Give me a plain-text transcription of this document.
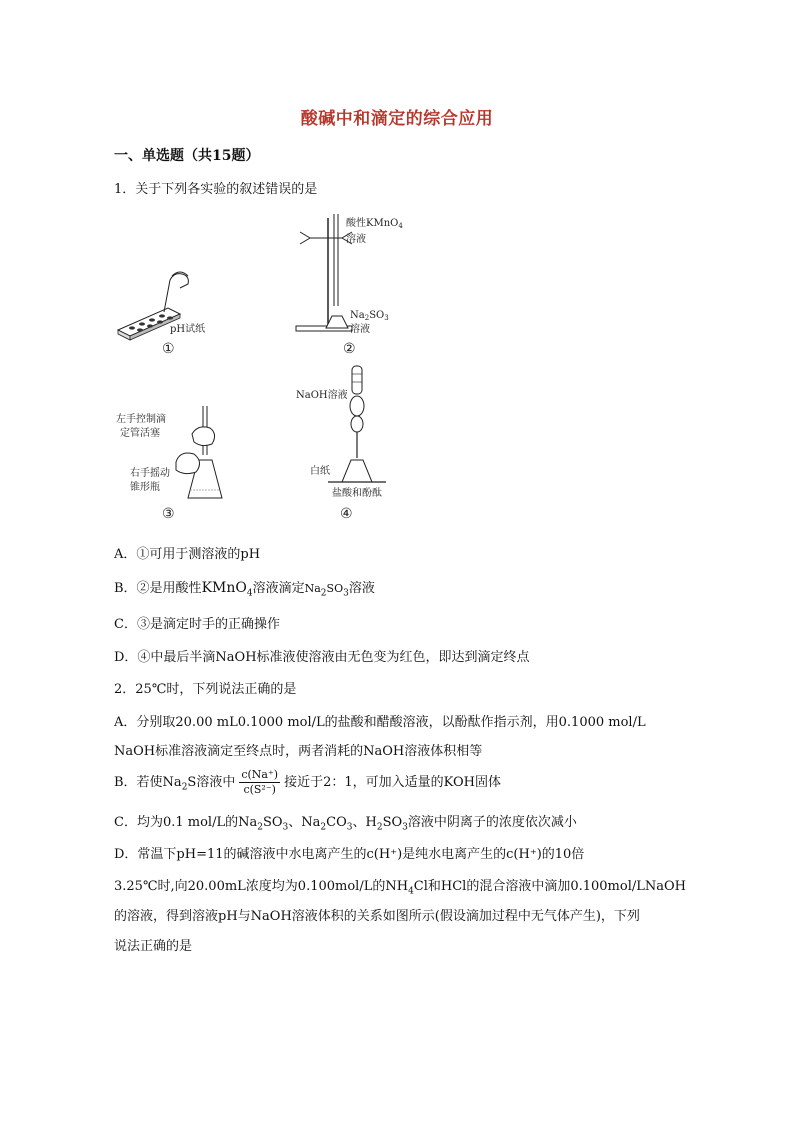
酸碱中和滴定的综合应用
一、单选题（共15题）
1．关于下列各实验的叙述错误的是
pH试纸
①
酸性KMnO$_4$
溶液
$Na_2SO_3$
溶液
②
左手控制滴
定管活塞
右手摇动
锥形瓶
③
NaOH溶液
白纸
盐酸和酚酞
④
A．①可用于测溶液的pH
B．②是用酸性KMnO$_4$溶液滴定$Na_2SO_3$溶液
C．③是滴定时手的正确操作
D．④中最后半滴NaOH标准液使溶液由无色变为红色，即达到滴定终点
2．25℃时，下列说法正确的是
A．分别取20.00 mL0.1000 mol/L的盐酸和醋酸溶液，以酚酞作指示剂，用0.1000 mol/L
NaOH标准溶液滴定至终点时，两者消耗的NaOH溶液体积相等
B．若使$Na_2S$溶液中 $\frac{c(Na^+)}{\text{c(S²⁻)}}$ 接近于2：1，可加入适量的KOH固体
C．均为0.1 mol/L的$Na_2SO_3$、$Na_2CO_3$、$H_2SO_3$溶液中阴离子的浓度依次减小
D．常温下pH=11的碱溶液中水电离产生的c(H⁺)是纯水电离产生的c(H⁺)的10倍
3.25℃时,向20.00mL浓度均为0.100mol/L的$NH_4Cl$和HCl的混合溶液中滴加0.100mol/LNaOH
的溶液，得到溶液pH与NaOH溶液体积的关系如图所示(假设滴加过程中无气体产生)，下列
说法正确的是
